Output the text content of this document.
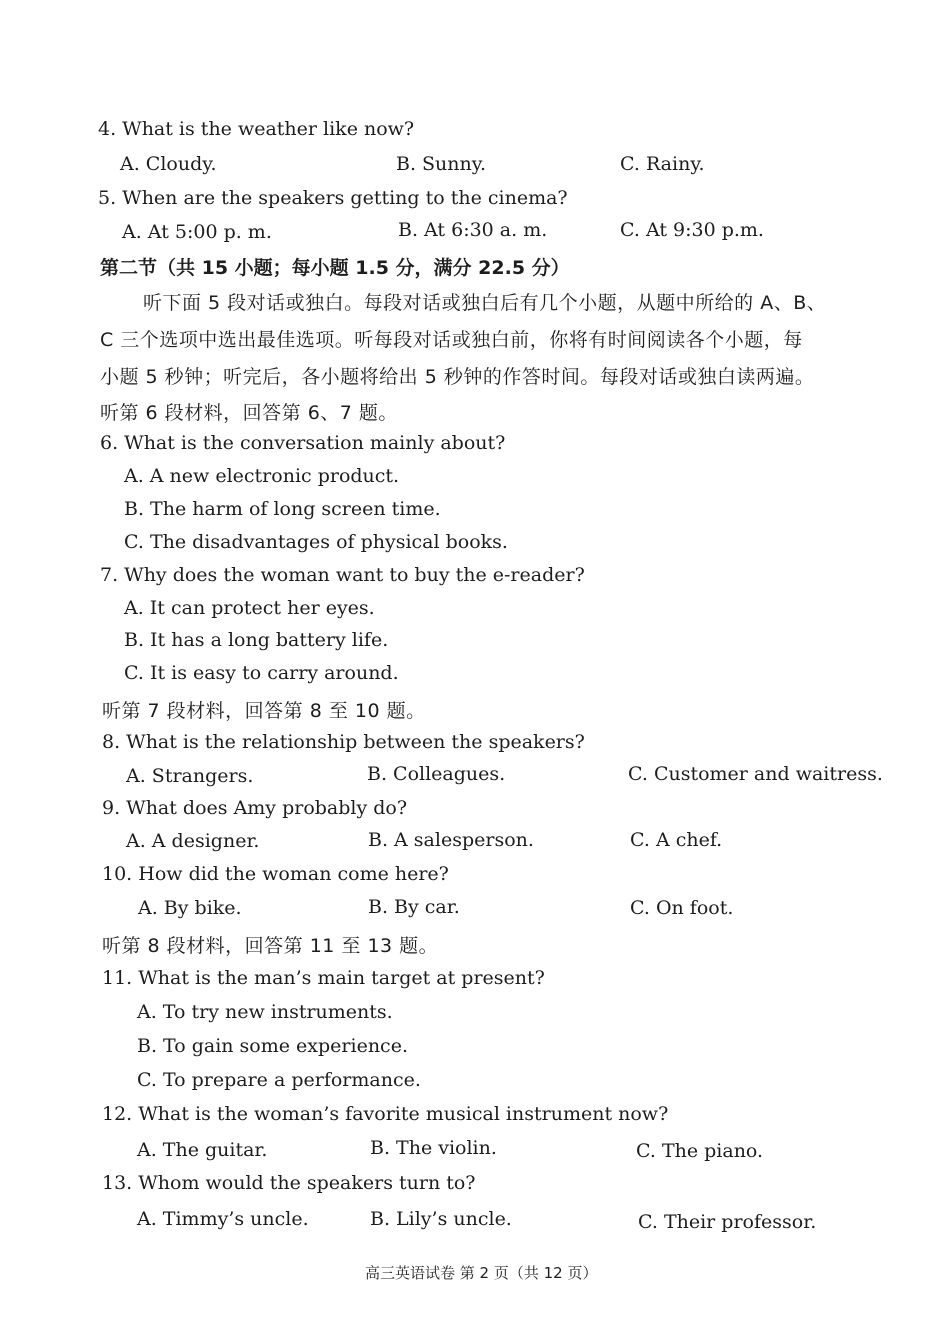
4. What is the weather like now?
A. Cloudy.	B. Sunny.	C. Rainy.
5. When are the speakers getting to the cinema?
A. At 5:00 p. m.	B. At 6:30 a. m.	C. At 9:30 p.m.
第二节（共 15 小题；每小题 1.5 分，满分 22.5 分）
听下面 5 段对话或独白。每段对话或独白后有几个小题，从题中所给的 A、B、
C 三个选项中选出最佳选项。听每段对话或独白前，你将有时间阅读各个小题，每
小题 5 秒钟；听完后，各小题将给出 5 秒钟的作答时间。每段对话或独白读两遍。
听第 6 段材料，回答第 6、7 题。
6. What is the conversation mainly about?
A. A new electronic product.
B. The harm of long screen time.
C. The disadvantages of physical books.
7. Why does the woman want to buy the e-reader?
A. It can protect her eyes.
B. It has a long battery life.
C. It is easy to carry around.
听第 7 段材料，回答第 8 至 10 题。
8. What is the relationship between the speakers?
A. Strangers.	B. Colleagues.	C. Customer and waitress.
9. What does Amy probably do?
A. A designer.	B. A salesperson.	C. A chef.
10. How did the woman come here?
A. By bike.	B. By car.	C. On foot.
听第 8 段材料，回答第 11 至 13 题。
11. What is the man’s main target at present?
A. To try new instruments.
B. To gain some experience.
C. To prepare a performance.
12. What is the woman’s favorite musical instrument now?
A. The guitar.	B. The violin.	C. The piano.
13. Whom would the speakers turn to?
A. Timmy’s uncle.	B. Lily’s uncle.	C. Their professor.
高三英语试卷 第 2 页（共 12 页）
